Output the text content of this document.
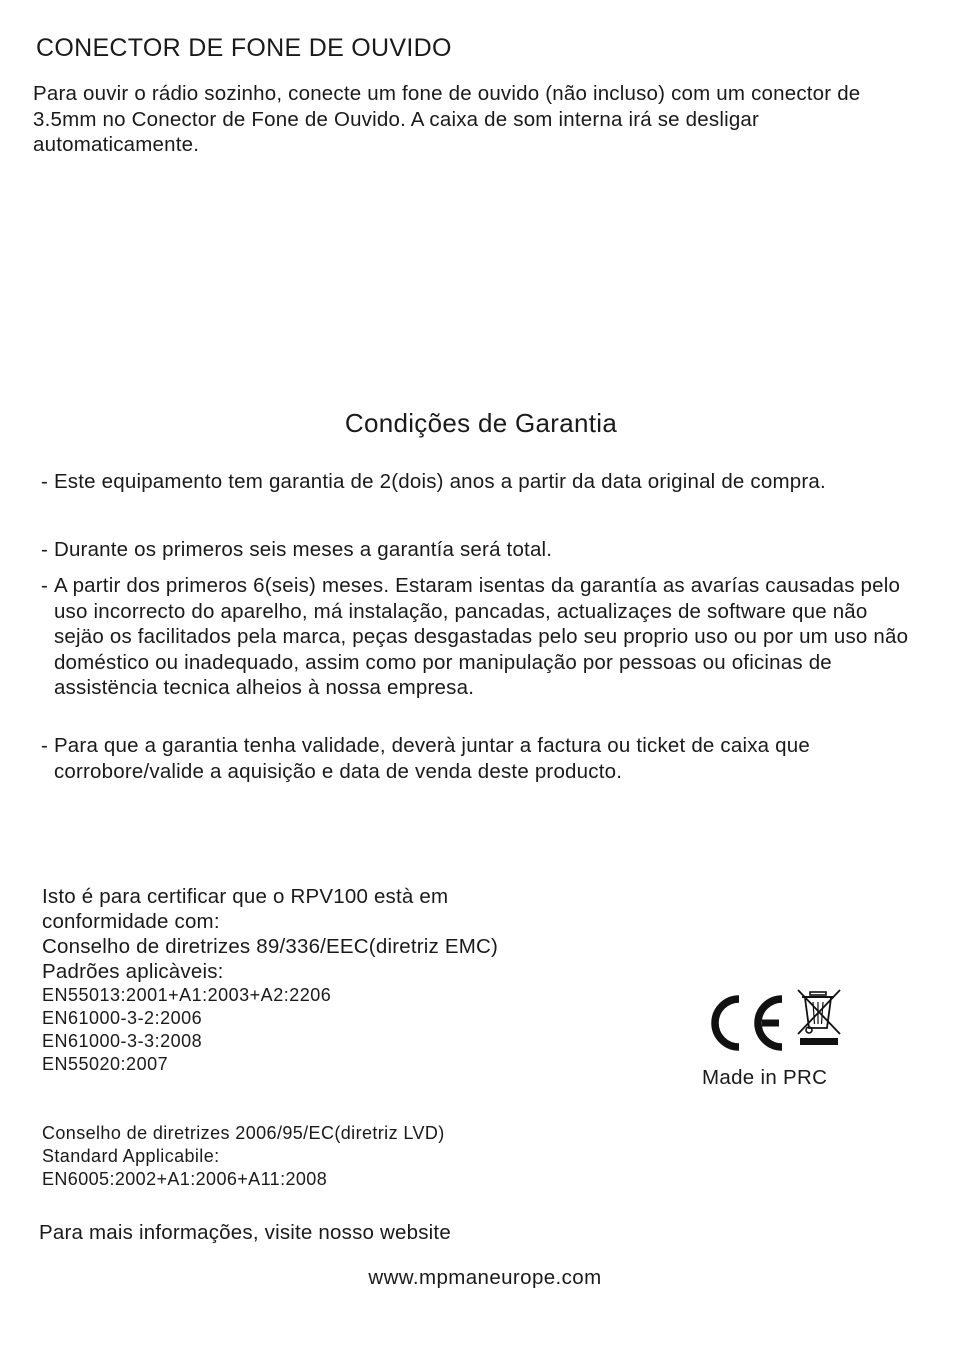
CONECTOR DE FONE DE OUVIDO

Para ouvir o rádio sozinho, conecte um fone de ouvido (não incluso) com um conector de 3.5mm no Conector de Fone de Ouvido. A caixa de som interna irá se desligar automaticamente.

Condições de Garantia
- Este equipamento tem garantia de 2(dois) anos a partir da data original de compra.
- Durante os primeros seis meses a garantía será total.
- A partir dos primeros 6(seis) meses. Estaram isentas da garantía as avarías causadas pelo uso incorrecto do aparelho, má instalação, pancadas, actualizaçes de software que não sejäo os facilitados pela marca, peças desgastadas pelo seu proprio uso ou por um uso não doméstico ou inadequado, assim como por manipulação por pessoas ou oficinas de assistëncia tecnica alheios à nossa empresa.
- Para que a garantia tenha validade, deverà juntar a factura ou ticket de caixa que corrobore/valide a aquisição e data de venda deste producto.
Isto é para certificar que o RPV100 està em
conformidade com:
Conselho de diretrizes 89/336/EEC(diretriz EMC)
Padrões aplicàveis:
EN55013:2001+A1:2003+A2:2206
EN61000-3-2:2006
EN61000-3-3:2008
EN55020:2007
Conselho de diretrizes 2006/95/EC(diretriz LVD)
Standard Applicabile:
EN6005:2002+A1:2006+A11:2008
Made in PRC
Para mais informações, visite nosso website
www.mpmaneurope.com
